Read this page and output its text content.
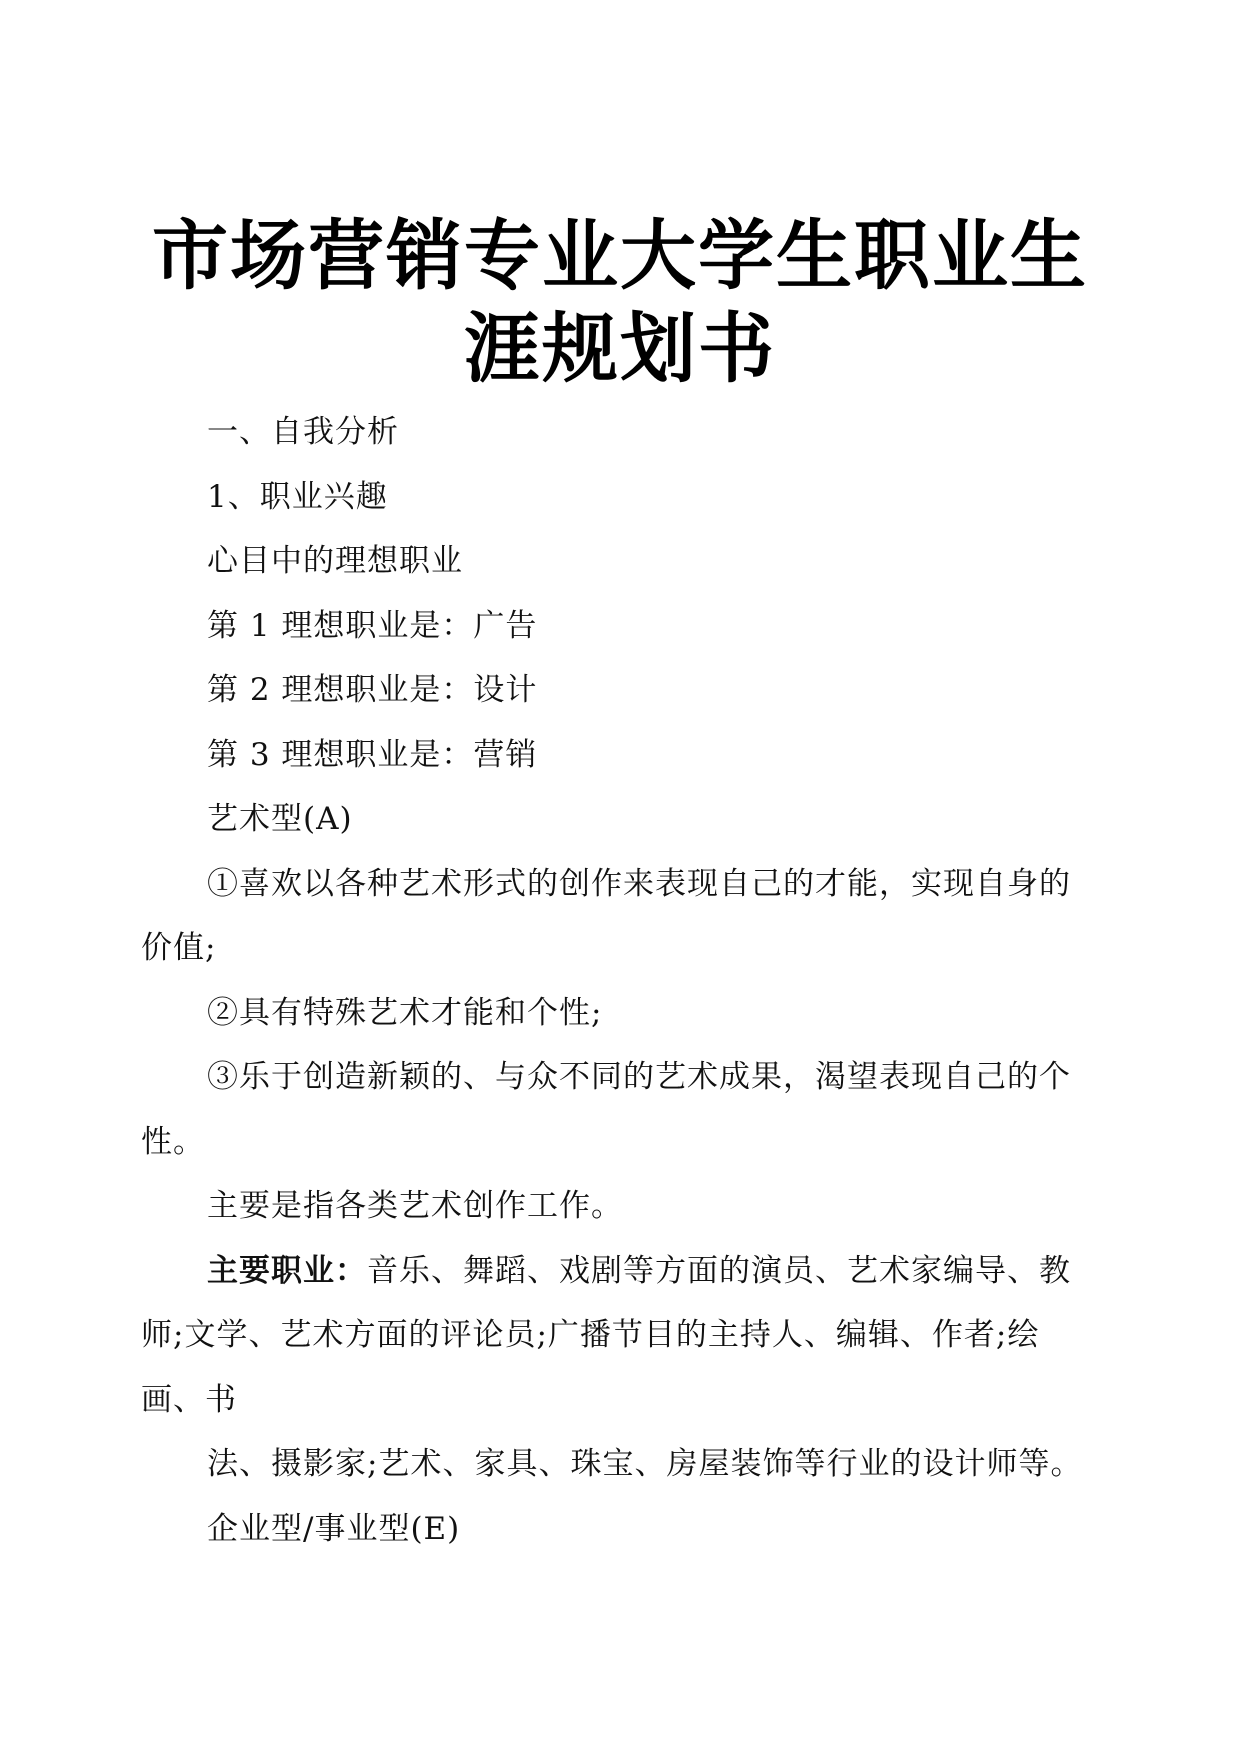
市场营销专业大学生职业生
涯规划书

一、自我分析

1、职业兴趣

心目中的理想职业

第 1 理想职业是：广告

第 2 理想职业是：设计

第 3 理想职业是：营销

艺术型(A)

①喜欢以各种艺术形式的创作来表现自己的才能，实现自身的价值;

②具有特殊艺术才能和个性;

③乐于创造新颖的、与众不同的艺术成果，渴望表现自己的个性。

主要是指各类艺术创作工作。

主要职业：音乐、舞蹈、戏剧等方面的演员、艺术家编导、教师;文学、艺术方面的评论员;广播节目的主持人、编辑、作者;绘画、书

法、摄影家;艺术、家具、珠宝、房屋装饰等行业的设计师等。

企业型/事业型(E)
